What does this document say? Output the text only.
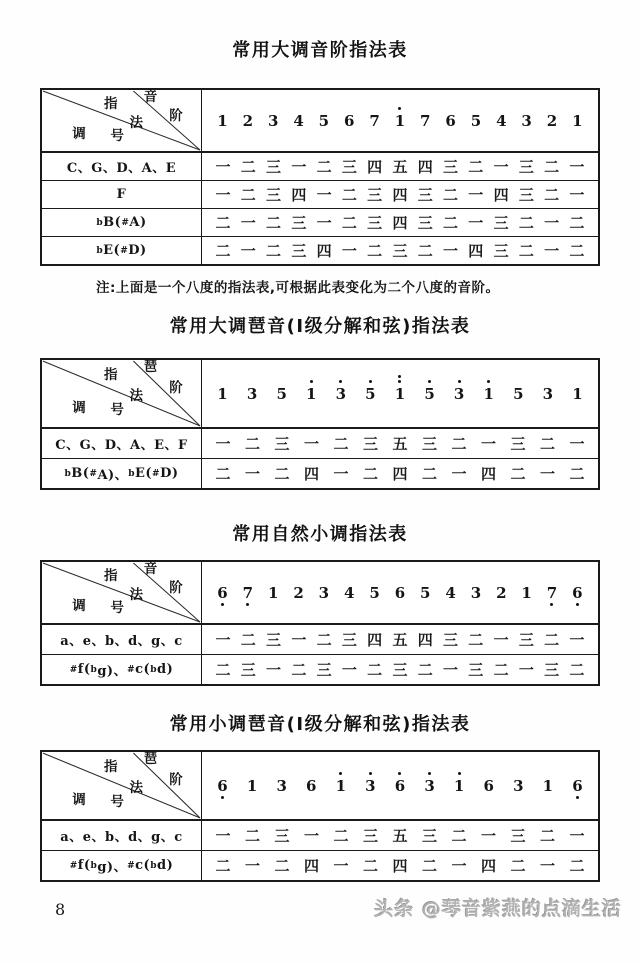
常用大调音阶指法表
音
阶
指
法
调 号
1 2 3 4 5 6 7 1 7 6 5 4 3 2 1
C、G、D、A、E	一 二 三 一 二 三 四 五 四 三 二 一 三 二 一
F	一 二 三 四 一 二 三 四 三 二 一 四 三 二 一
b B( # A)	二 一 二 三 一 二 三 四 三 二 一 三 二 一 二
b E( # D)	二 一 二 三 四 一 二 三 二 一 四 三 二 一 二
注:上面是一个八度的指法表,可根据此表变化为二个八度的音阶。
常用大调琶音(Ⅰ级分解和弦)指法表
琶
阶
指
法
调 号
1 3 5 1 3 5 1 5 3 1 5 3 1
C、G、D、A、E、F 一 二 三 一 二 三 五 三 二 一 三 二 一
b B( # A)、 b E( # D) 二 一 二 四 一 二 四 二 一 四 二 一 二
常用自然小调指法表
音
阶
指
法
调 号
6 7 1 2 3 4 5 6 5 4 3 2 1 7 6
a、e、b、d、g、c 一 二 三 一 二 三 四 五 四 三 二 一 三 二 一
# f( b g)、 # c( b d)	二 三 一 二 三 一 二 三 二 一 三 二 一 三 二
常用小调琶音(Ⅰ级分解和弦)指法表
琶
阶
指
法
调 号
6 1 3 6 1 3 6 3 1 6 3 1 6
a、e、b、d、g、c 一 二 三 一 二 三 五 三 二 一 三 二 一
# f( b g)、 # c( b d)	二 一 二 四 一 二 四 二 一 四 二 一 二
8	头条 @琴音紫燕的点滴生活
